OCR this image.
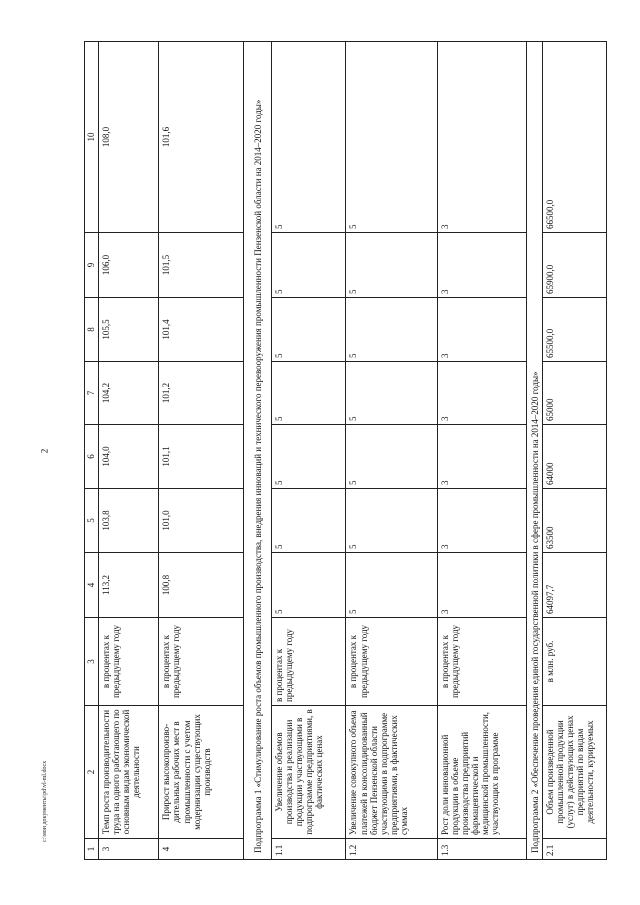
2
c:\мои документы\pd\vl-ml.docx
1	2	3	4	5	6	7	8	9	10
3	Темп роста производительности труда на одного работающего по основным видам экономической деятельности	в процентах к предыдущему году	113,2	103,8	104,0	104,2	105,5	106,0	108,0
4	Прирост высокопроизво-дительных рабочих мест в промышленности с учетом модернизации существующих производств	в процентах к предыдущему году	100,8	101,0	101,1	101,2	101,4	101,5	101,6
Подпрограмма 1 «Стимулирование роста объемов промышленного производства, внедрения инноваций и технического перевооружения промышленности Пензенской области на 2014–2020 годы»									
1.1	Увеличение объемов производства и реализации продукции участвующими в подпрограмме предприятиями, в фактических ценах	в процентах к предыдущему году	5	5	5	5	5	5	5
1.2	Увеличение совокупного объема платежей в консолидированный бюджет Пензенской области участвующими в подпрограмме предприятиями, в фактических суммах	в процентах к предыдущему году	5	5	5	5	5	5	5
1.3	Рост доли инновационной продукции в объеме производства предприятий фармацевтической и медицинской промышленности, участвующих в программе	в процентах к предыдущему году	3	3	3	3	3	3	3
Подпрограмма 2 «Обеспечение проведения единой государственной политики в сфере промышленности на 2014–2020 годы»									
2.1	Объем произведенной промышленной продукции (услуг) в действующих ценах предприятий по видам деятельности, курируемых	в млн. руб.	64097,7	63500	64000	65000	65500,0	65900,0	66500,0
